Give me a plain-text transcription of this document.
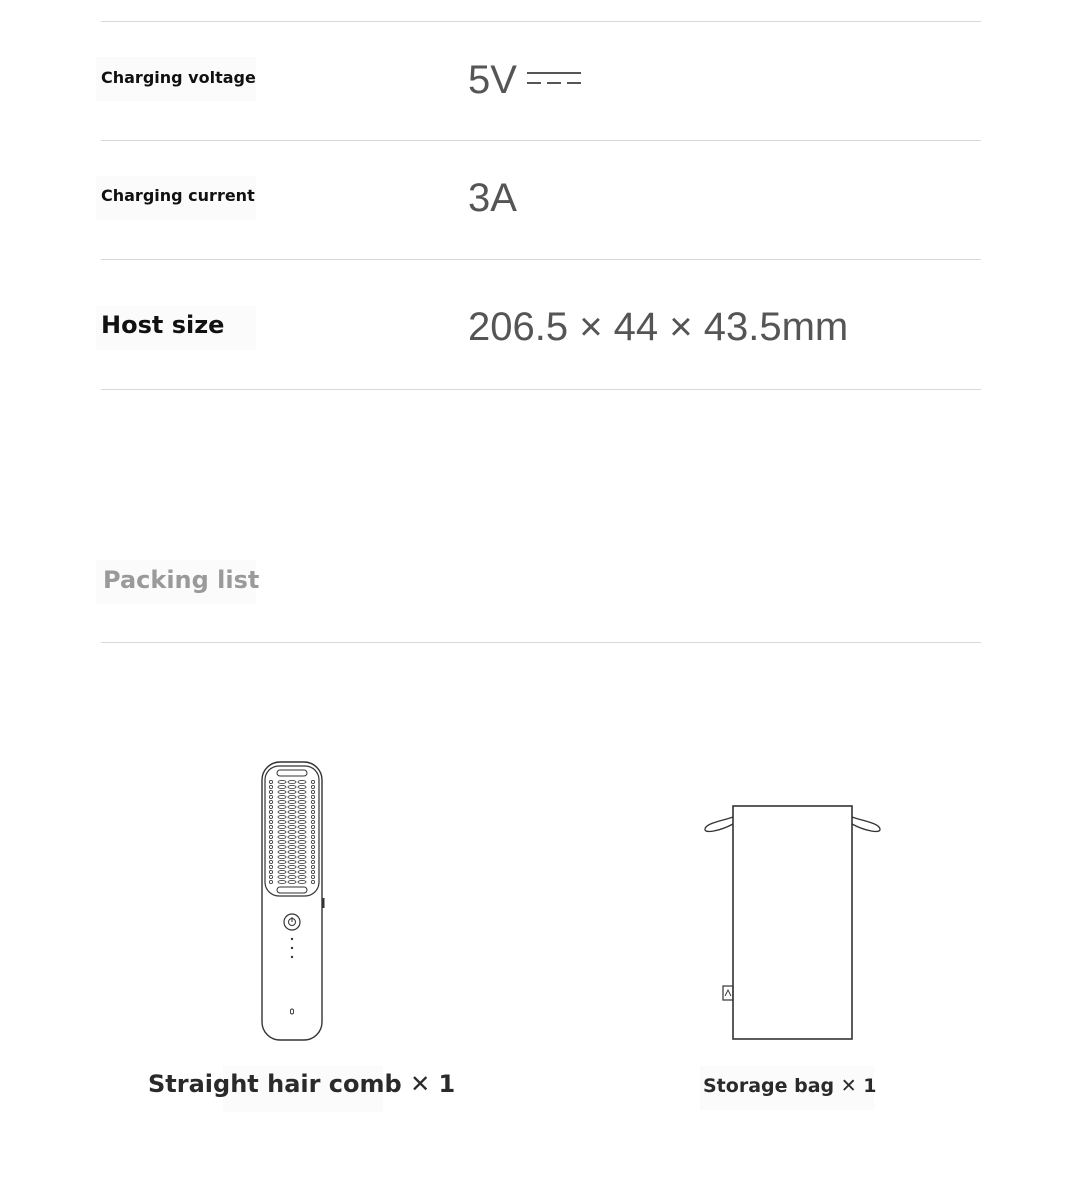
Charging voltage	5V
Charging current	3A
Host size	206.5 × 44 × 43.5mm
Packing list
Straight hair comb ✕ 1	Storage bag ✕ 1
